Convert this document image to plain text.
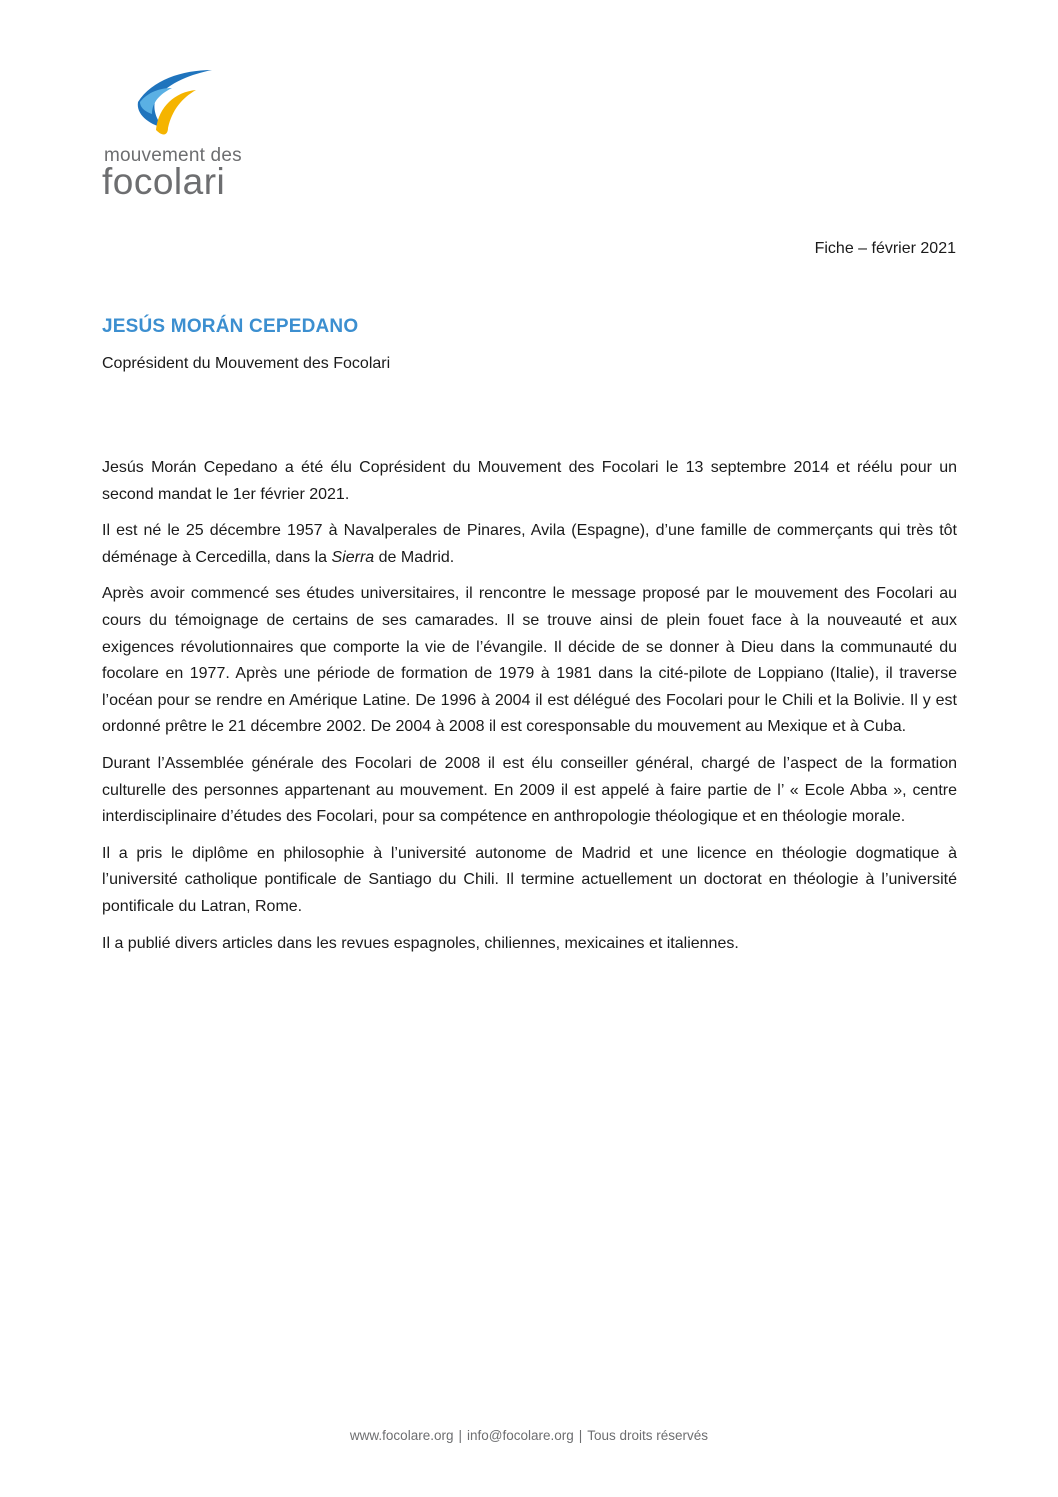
mouvement des
focolari
Fiche – février 2021
JESÚS MORÁN CEPEDANO
Coprésident du Mouvement des Focolari

Jesús Morán Cepedano a été élu Coprésident du Mouvement des Focolari le 13 septembre 2014 et réélu pour un second mandat le 1er février 2021.

Il est né le 25 décembre 1957 à Navalperales de Pinares, Avila (Espagne), d’une famille de commerçants qui très tôt déménage à Cercedilla, dans la Sierra de Madrid.

Après avoir commencé ses études universitaires, il rencontre le message proposé par le mouvement des Focolari au cours du témoignage de certains de ses camarades. Il se trouve ainsi de plein fouet face à la nouveauté et aux exigences révolutionnaires que comporte la vie de l’évangile. Il décide de se donner à Dieu dans la communauté du focolare en 1977. Après une période de formation de 1979 à 1981 dans la cité-pilote de Loppiano (Italie), il traverse l’océan pour se rendre en Amérique Latine. De 1996 à 2004 il est délégué des Focolari pour le Chili et la Bolivie. Il y est ordonné prêtre le 21 décembre 2002. De 2004 à 2008 il est coresponsable du mouvement au Mexique et à Cuba.

Durant l’Assemblée générale des Focolari de 2008 il est élu conseiller général, chargé de l’aspect de la formation culturelle des personnes appartenant au mouvement. En 2009 il est appelé à faire partie de l’ « Ecole Abba », centre interdisciplinaire d’études des Focolari, pour sa compétence en anthropologie théologique et en théologie morale.

Il a pris le diplôme en philosophie à l’université autonome de Madrid et une licence en théologie dogmatique à l’université catholique pontificale de Santiago du Chili. Il termine actuellement un doctorat en théologie à l’université pontificale du Latran, Rome.

Il a publié divers articles dans les revues espagnoles, chiliennes, mexicaines et italiennes.

www.focolare.org | info@focolare.org | Tous droits réservés
